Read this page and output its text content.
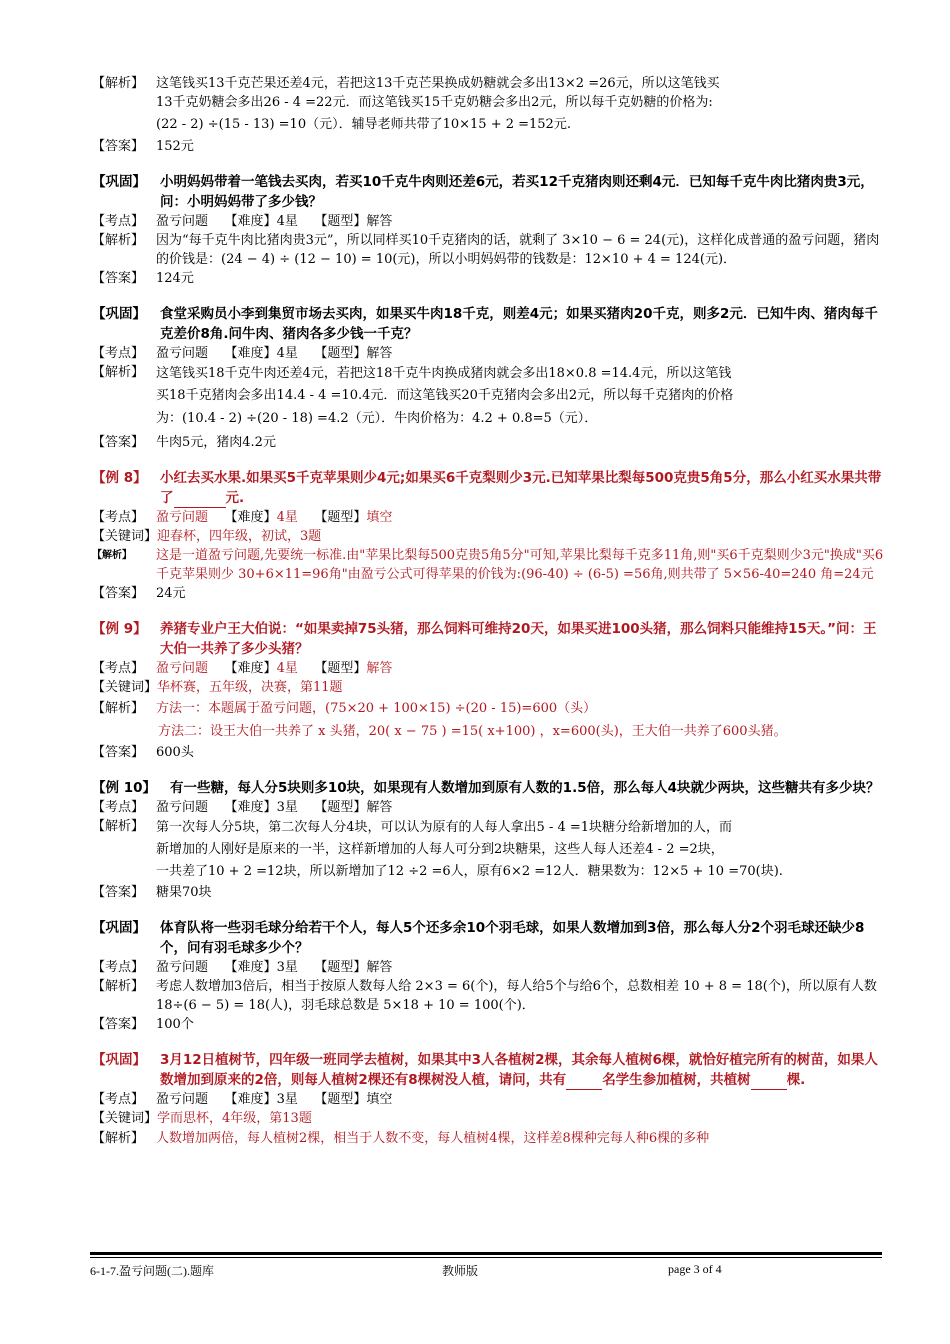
【解析】 这笔钱买13千克芒果还差4元，若把这13千克芒果换成奶糖就会多出13×2 =26元，所以这笔钱买
13千克奶糖会多出26 - 4 =22元．而这笔钱买15千克奶糖会多出2元，所以每千克奶糖的价格为:
(22 - 2) ÷(15 - 13) =10（元）．辅导老师共带了10×15 + 2 =152元.
【答案】 152元
【巩固】	小明妈妈带着一笔钱去买肉，若买10千克牛肉则还差6元，若买12千克猪肉则还剩4元．已知每千克牛肉比猪肉贵3元，问：小明妈妈带了多少钱？
【考点】 盈亏问题 【难度】4星 【题型】解答
【解析】 因为“每千克牛肉比猪肉贵3元”，所以同样买10千克猪肉的话，就剩了 3×10 − 6 = 24(元)，这样化成普通的盈亏问题，猪肉的价钱是：(24 − 4) ÷ (12 − 10) = 10(元)，所以小明妈妈带的钱数是：12×10 + 4 = 124(元)．
【答案】 124元
【巩固】	食堂采购员小李到集贸市场去买肉，如果买牛肉18千克，则差4元；如果买猪肉20千克，则多2元．已知牛肉、猪肉每千克差价8角.问牛肉、猪肉各多少钱一千克？
【考点】 盈亏问题 【难度】4星 【题型】解答
【解析】 这笔钱买18千克牛肉还差4元，若把这18千克牛肉换成猪肉就会多出18×0.8 =14.4元，所以这笔钱
买18千克猪肉会多出14.4 - 4 =10.4元．而这笔钱买20千克猪肉会多出2元，所以每千克猪肉的价格
为：(10.4 - 2) ÷(20 - 18) =4.2（元）．牛肉价格为：4.2 + 0.8=5（元）．
【答案】 牛肉5元，猪肉4.2元
【例 8】 小红去买水果.如果买5千克苹果则少4元;如果买6千克梨则少3元.已知苹果比梨每500克贵5角5分，那么小红买水果共带了	元.
【考点】 盈亏问题 【难度】4星 【题型】填空
【关键词】 迎春杯，四年级，初试，3题
【解析】	这是一道盈亏问题,先要统一标准.由"苹果比梨每500克贵5角5分"可知,苹果比梨每千克多11角,则"买6千克梨则少3元"换成"买6千克苹果则少 30+6×11=96角"由盈亏公式可得苹果的价钱为:(96-40) ÷ (6-5) =56角,则共带了 5×56-40=240 角=24元
【答案】 24元
【例 9】 养猪专业户王大伯说：“如果卖掉75头猪，那么饲料可维持20天，如果买进100头猪，那么饲料只能维持15天。”问：王大伯一共养了多少头猪？
【考点】 盈亏问题 【难度】4星 【题型】解答
【关键词】 华杯赛，五年级，决赛，第11题
【解析】 方法一：本题属于盈亏问题，(75×20 + 100×15) ÷(20 - 15)=600（头）
方法二：设王大伯一共养了 x 头猪，20( x − 75 ) =15( x+100) ，x=600(头)，王大伯一共养了600头猪。
【答案】 600头
【例 10】	有一些糖，每人分5块则多10块，如果现有人数增加到原有人数的1.5倍，那么每人4块就少两块，这些糖共有多少块？
【考点】 盈亏问题 【难度】3星 【题型】解答
【解析】 第一次每人分5块，第二次每人分4块，可以认为原有的人每人拿出5 - 4 =1块糖分给新增加的人，而
新增加的人刚好是原来的一半，这样新增加的人每人可分到2块糖果，这些人每人还差4 - 2 =2块，
一共差了10 + 2 =12块，所以新增加了12 ÷2 =6人，原有6×2 =12人．糖果数为：12×5 + 10 =70(块).
【答案】 糖果70块
【巩固】	体育队将一些羽毛球分给若干个人，每人5个还多余10个羽毛球，如果人数增加到3倍，那么每人分2个羽毛球还缺少8个，问有羽毛球多少个？
【考点】 盈亏问题 【难度】3星 【题型】解答
【解析】 考虑人数增加3倍后，相当于按原人数每人给 2×3 = 6(个)，每人给5个与给6个，总数相差 10 + 8 = 18(个)，所以原有人数 18÷(6 − 5) = 18(人)，羽毛球总数是 5×18 + 10 = 100(个)．
【答案】 100个
【巩固】	3月12日植树节，四年级一班同学去植树，如果其中3人各植树2棵，其余每人植树6棵，就恰好植完所有的树苗，如果人数增加到原来的2倍，则每人植树2棵还有8棵树没人植，请问，共有	名学生参加植树，共植树	棵.
【考点】 盈亏问题 【难度】3星 【题型】填空
【关键词】 学而思杯，4年级，第13题
【解析】 人数增加两倍，每人植树2棵，相当于人数不变，每人植树4棵，这样差8棵种完每人种6棵的多种
6-1-7.盈亏问题(二).题库	教师版	page 3 of 4
